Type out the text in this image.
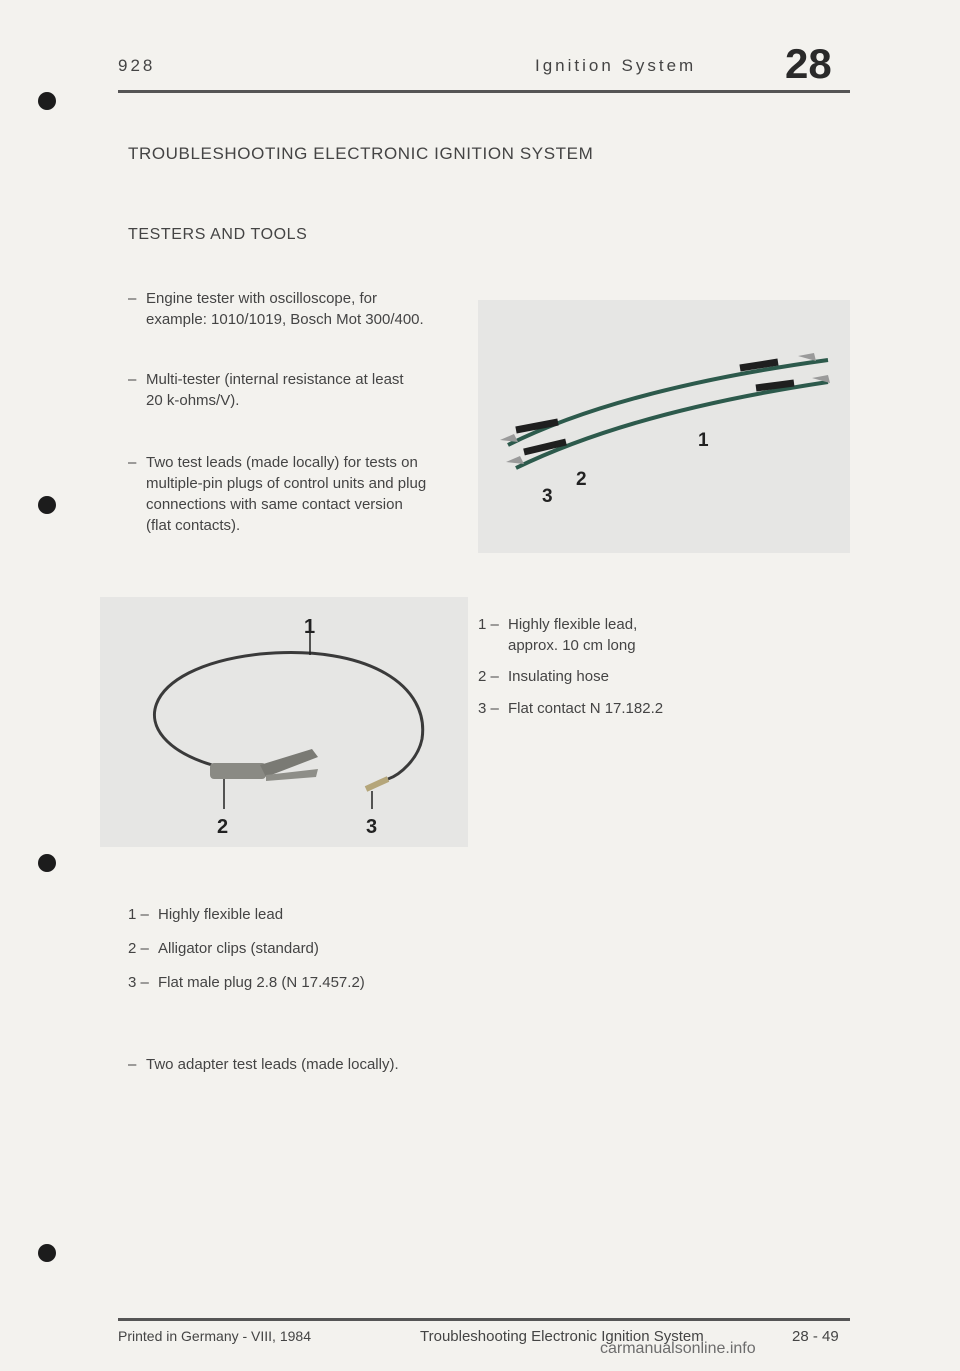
928	Ignition System 28
TROUBLESHOOTING ELECTRONIC IGNITION SYSTEM
TESTERS AND TOOLS
– Engine tester with oscilloscope, for
example: 1010/1019, Bosch Mot 300/400.
– Multi-tester (internal resistance at least
20 k-ohms/V).
– Two test leads (made locally) for tests on
multiple-pin plugs of control units and plug
connections with same contact version
(flat contacts).
1
2
3
1 – Highly flexible lead,
approx. 10 cm long
2 – Insulating hose
3 – Flat contact N 17.182.2
1
2	3
1 – Highly flexible lead
2 – Alligator clips (standard)
3 – Flat male plug 2.8 (N 17.457.2)
– Two adapter test leads (made locally).
Printed in Germany - VIII, 1984	Troubleshooting Electronic Ignition System	28 - 49
carmanualsonline.info
